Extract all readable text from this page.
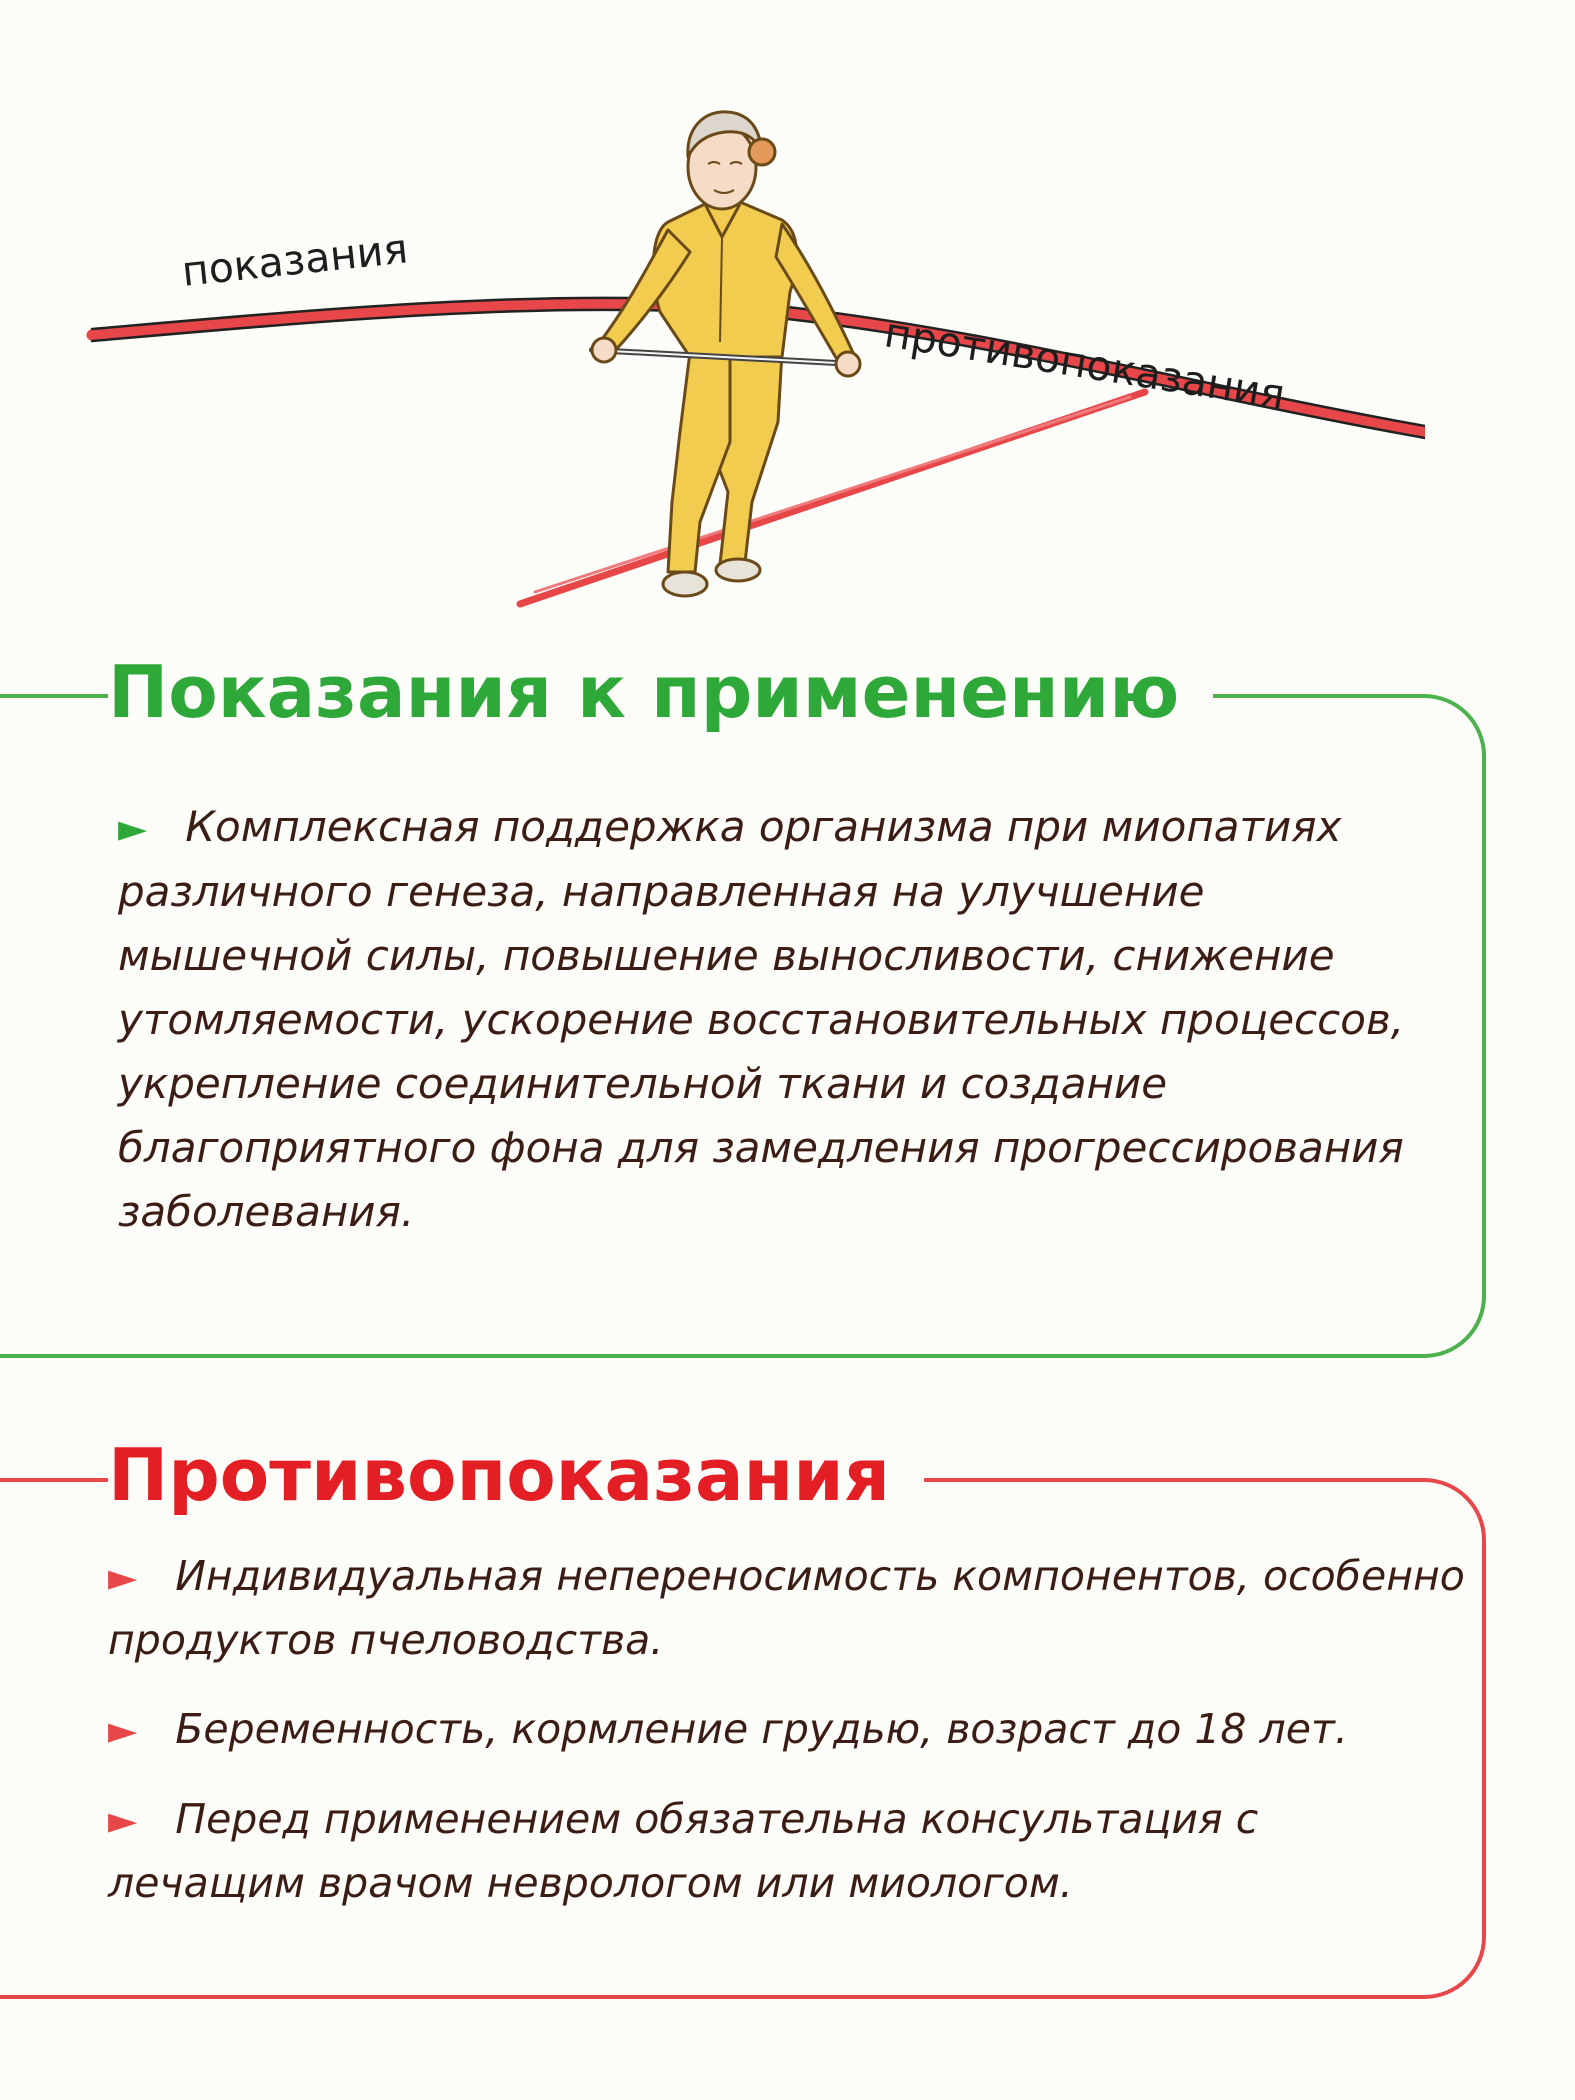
показания
противопоказания
Показания к применению

► Комплексная поддержка организма при миопатиях различного генеза, направленная на улучшение мышечной силы, повышение выносливости, снижение утомляемости, ускорение восстановительных процессов, укрепление соединительной ткани и создание благоприятного фона для замедления прогрессирования заболевания.

Противопоказания
► Индивидуальная непереносимость компонентов, особенно продуктов пчеловодства.
► Беременность, кормление грудью, возраст до 18 лет.
► Перед применением обязательна консультация с лечащим врачом неврологом или миологом.
